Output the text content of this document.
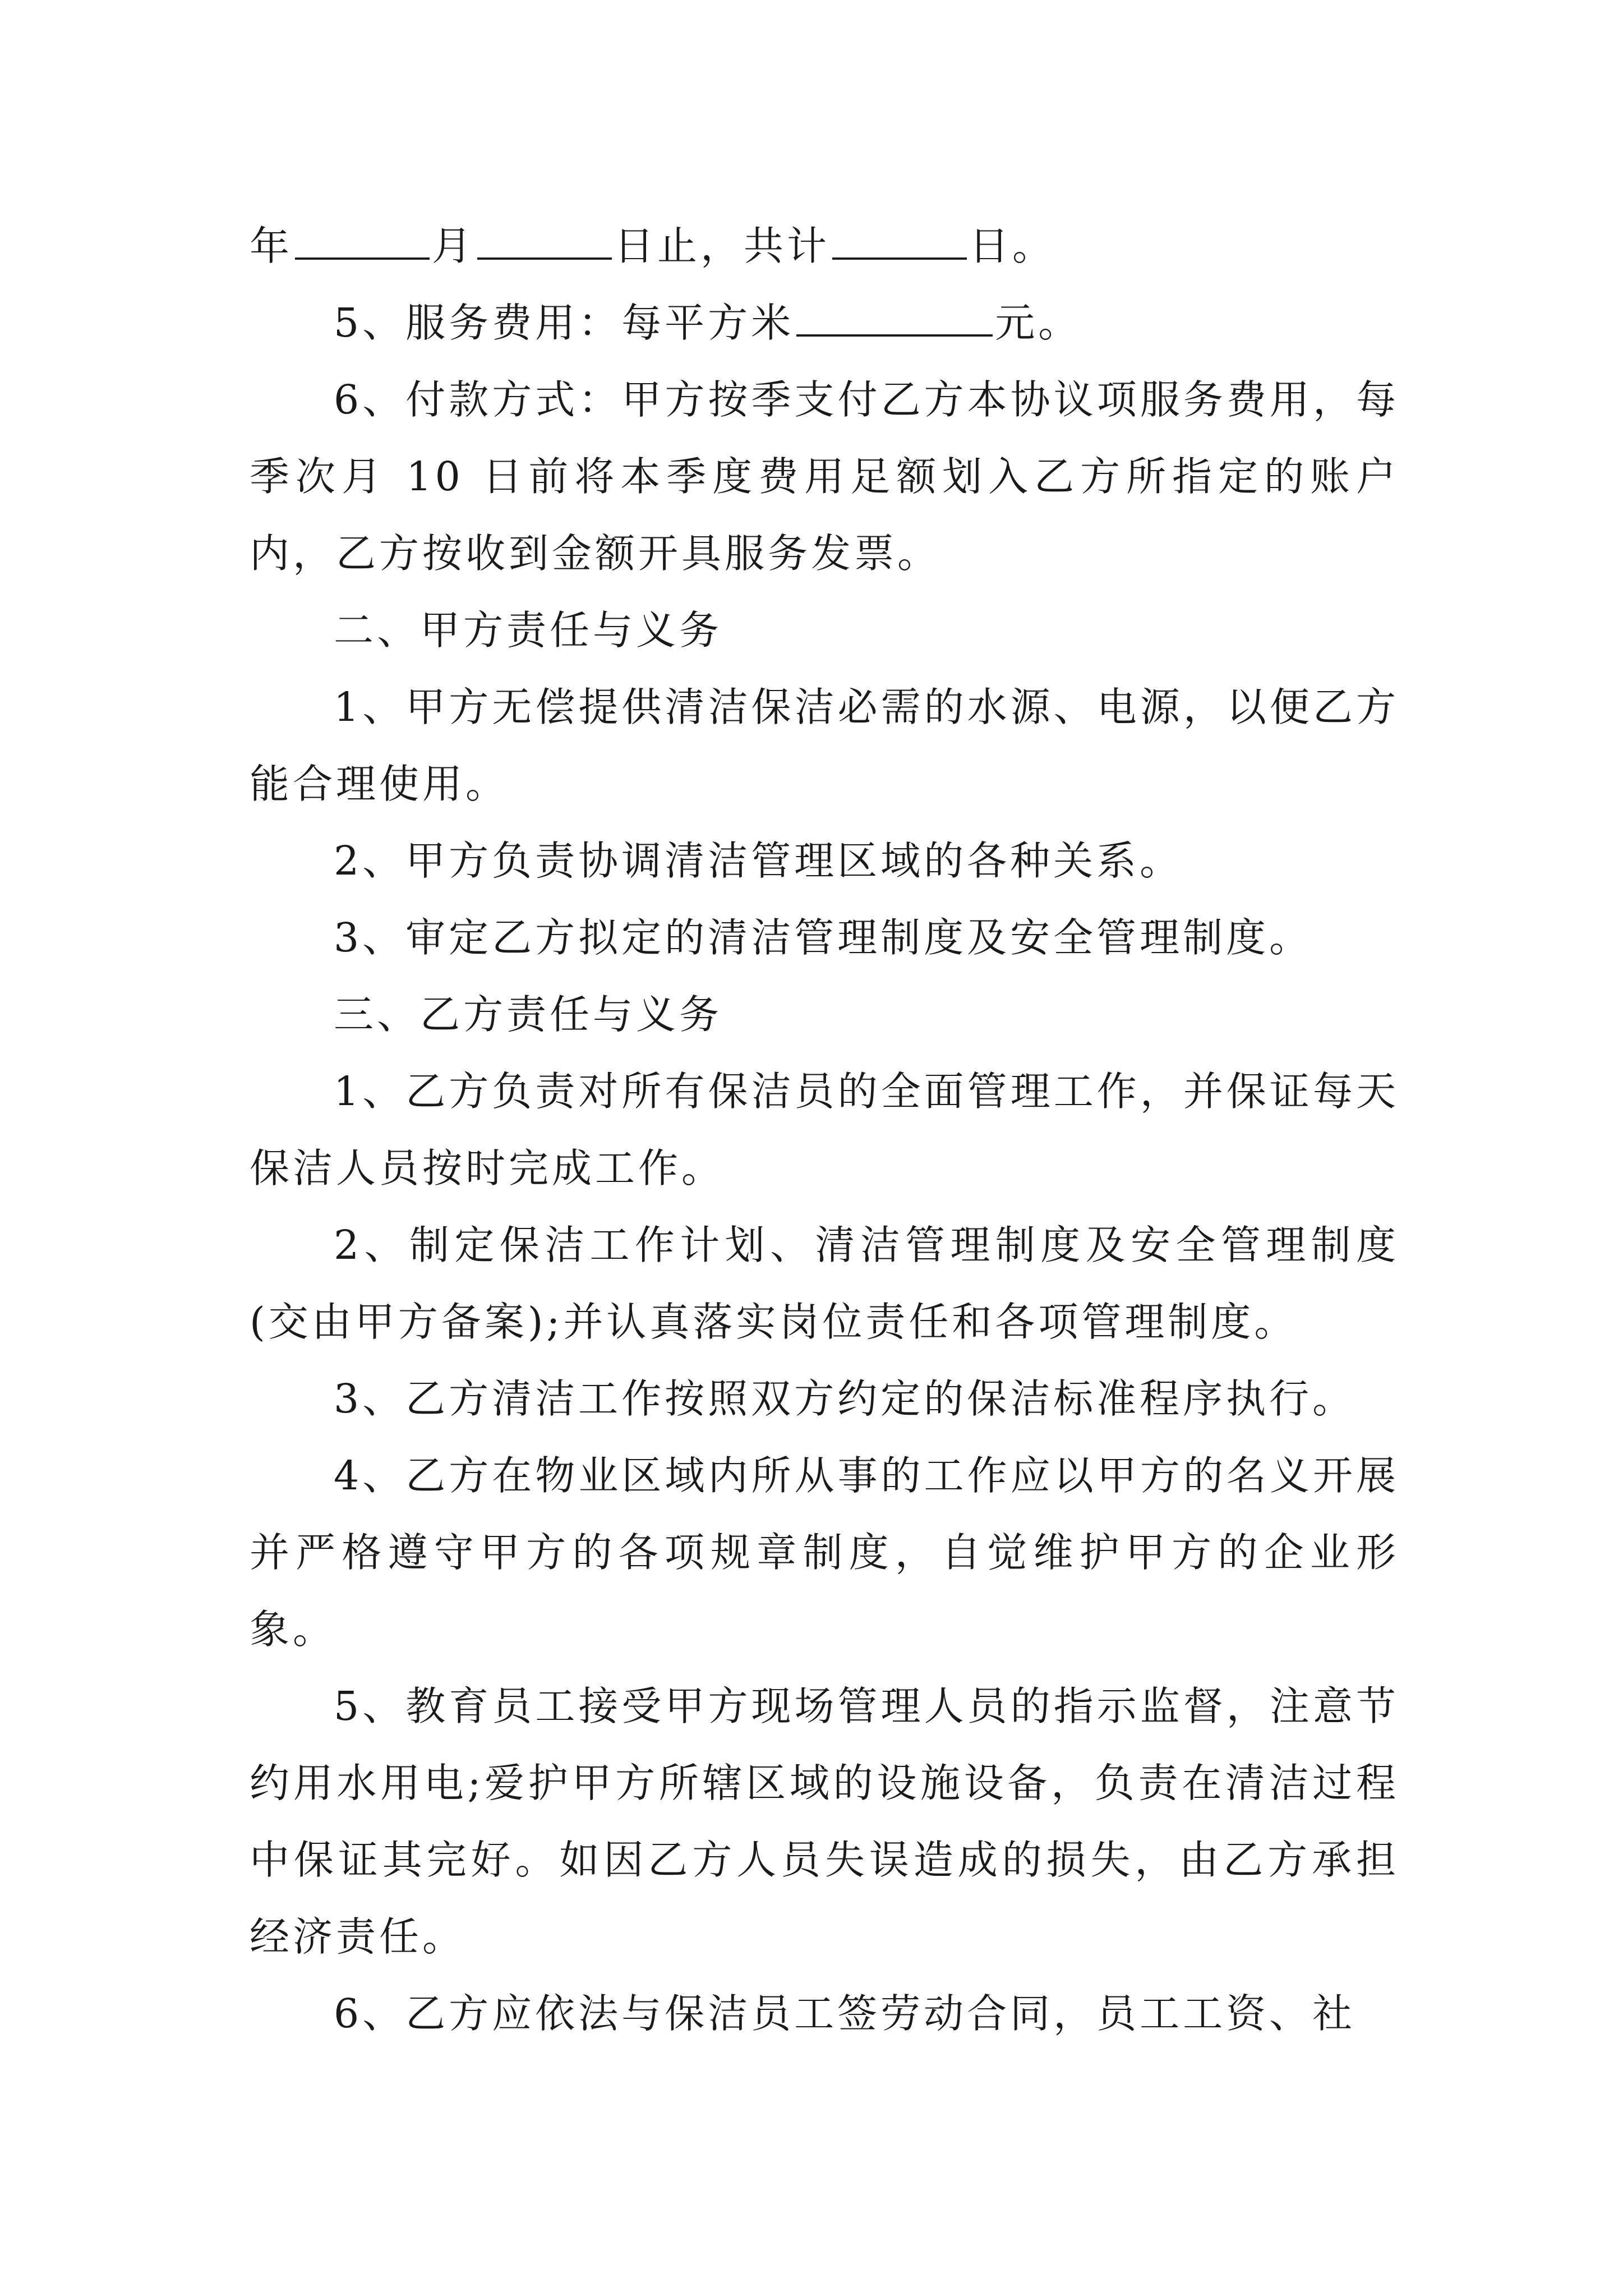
年	月	日止，共计	日。

5、服务费用：每平方米	元。

6、付款方式：甲方按季支付乙方本协议项服务费用，每季次月 10 日前将本季度费用足额划入乙方所指定的账户内，乙方按收到金额开具服务发票。

二、甲方责任与义务

1、甲方无偿提供清洁保洁必需的水源、电源，以便乙方能合理使用。

2、甲方负责协调清洁管理区域的各种关系。

3、审定乙方拟定的清洁管理制度及安全管理制度。

三、乙方责任与义务

1、乙方负责对所有保洁员的全面管理工作，并保证每天保洁人员按时完成工作。

2、制定保洁工作计划、清洁管理制度及安全管理制度(交由甲方备案);并认真落实岗位责任和各项管理制度。

3、乙方清洁工作按照双方约定的保洁标准程序执行。

4、乙方在物业区域内所从事的工作应以甲方的名义开展并严格遵守甲方的各项规章制度，自觉维护甲方的企业形象。

5、教育员工接受甲方现场管理人员的指示监督，注意节约用水用电;爱护甲方所辖区域的设施设备，负责在清洁过程中保证其完好。如因乙方人员失误造成的损失，由乙方承担经济责任。

6、乙方应依法与保洁员工签劳动合同，员工工资、社
